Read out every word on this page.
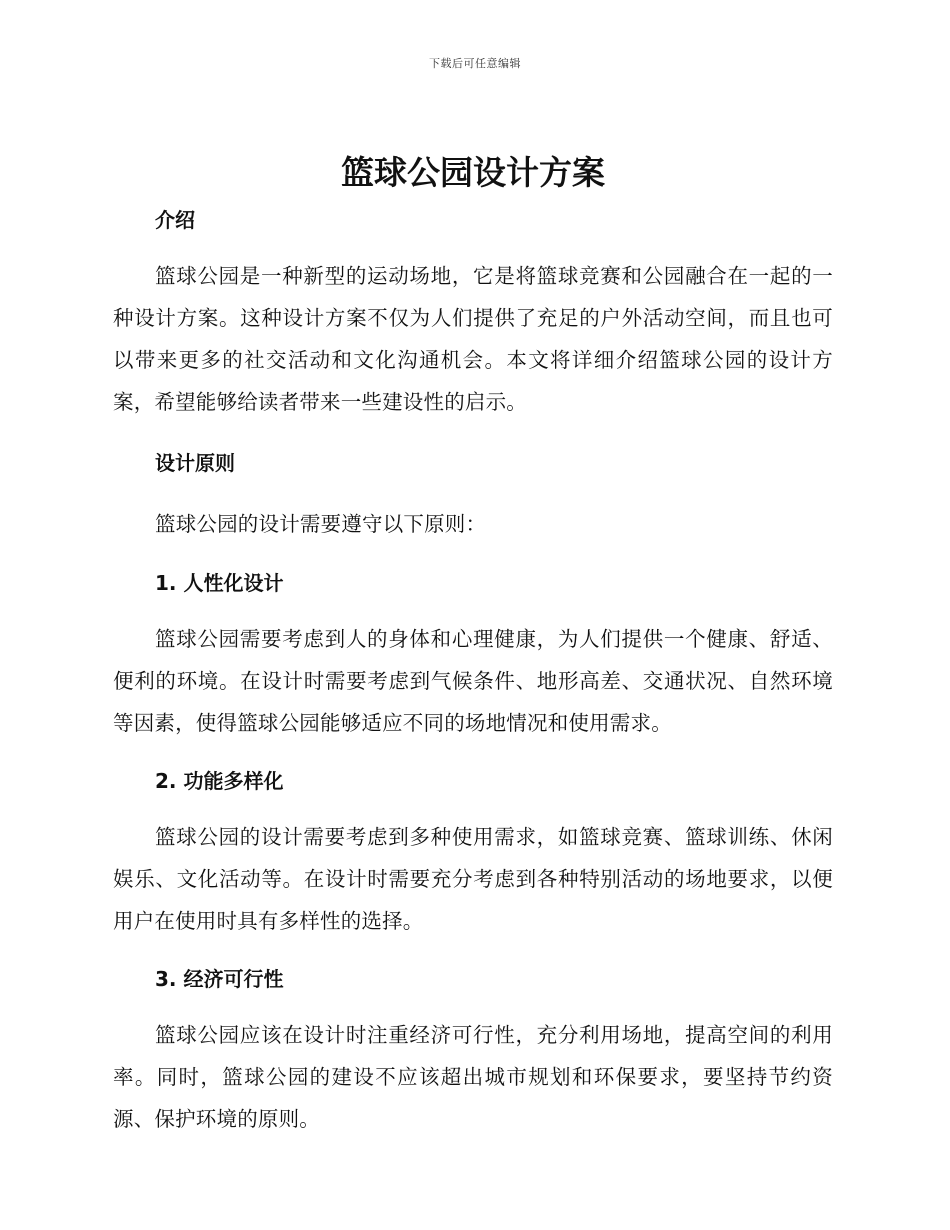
下载后可任意编辑
篮球公园设计方案
介绍

篮球公园是一种新型的运动场地，它是将篮球竞赛和公园融合在一起的一种设计方案。这种设计方案不仅为人们提供了充足的户外活动空间，而且也可以带来更多的社交活动和文化沟通机会。本文将详细介绍篮球公园的设计方案，希望能够给读者带来一些建设性的启示。

设计原则

篮球公园的设计需要遵守以下原则：

1. 人性化设计

篮球公园需要考虑到人的身体和心理健康，为人们提供一个健康、舒适、便利的环境。在设计时需要考虑到气候条件、地形高差、交通状况、自然环境等因素，使得篮球公园能够适应不同的场地情况和使用需求。

2. 功能多样化

篮球公园的设计需要考虑到多种使用需求，如篮球竞赛、篮球训练、休闲娱乐、文化活动等。在设计时需要充分考虑到各种特别活动的场地要求，以便用户在使用时具有多样性的选择。

3. 经济可行性

篮球公园应该在设计时注重经济可行性，充分利用场地，提高空间的利用率。同时，篮球公园的建设不应该超出城市规划和环保要求，要坚持节约资源、保护环境的原则。
